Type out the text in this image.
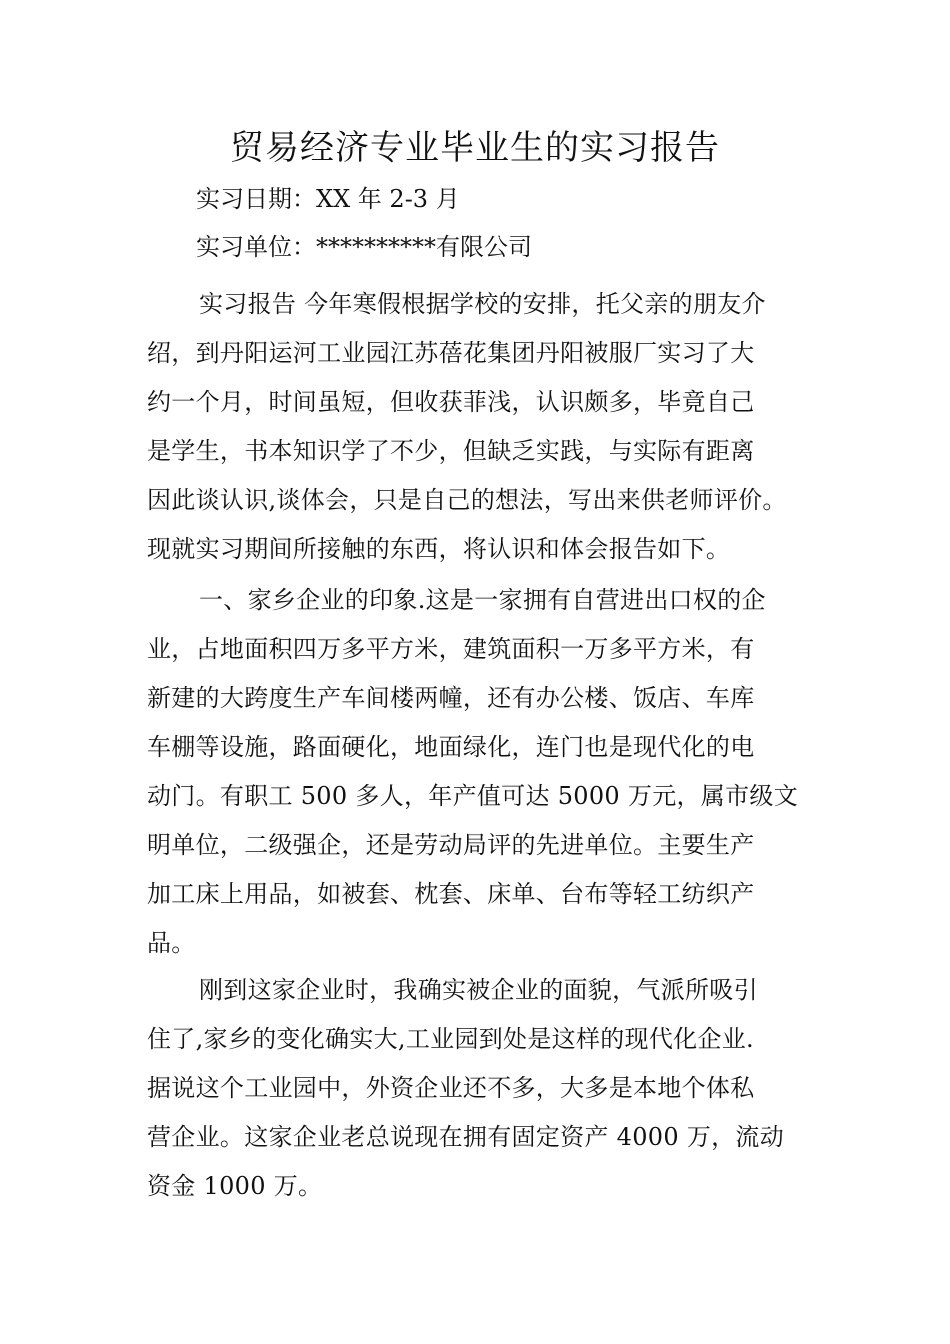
贸易经济专业毕业生的实习报告
实习日期：XX 年 2-3 月
实习单位：**********有限公司
实习报告 今年寒假根据学校的安排，托父亲的朋友介
绍，到丹阳运河工业园江苏蓓花集团丹阳被服厂实习了大
约一个月，时间虽短，但收获菲浅，认识颇多，毕竟自己
是学生，书本知识学了不少，但缺乏实践，与实际有距离
因此谈认识,谈体会，只是自己的想法，写出来供老师评价。
现就实习期间所接触的东西，将认识和体会报告如下。
一、家乡企业的印象.这是一家拥有自营进出口权的企
业，占地面积四万多平方米，建筑面积一万多平方米，有
新建的大跨度生产车间楼两幢，还有办公楼、饭店、车库
车棚等设施，路面硬化，地面绿化，连门也是现代化的电
动门。有职工 500 多人，年产值可达 5000 万元，属市级文
明单位，二级强企，还是劳动局评的先进单位。主要生产
加工床上用品，如被套、枕套、床单、台布等轻工纺织产
品。
刚到这家企业时，我确实被企业的面貌，气派所吸引
住了,家乡的变化确实大,工业园到处是这样的现代化企业.
据说这个工业园中，外资企业还不多，大多是本地个体私
营企业。这家企业老总说现在拥有固定资产 4000 万，流动
资金 1000 万。
